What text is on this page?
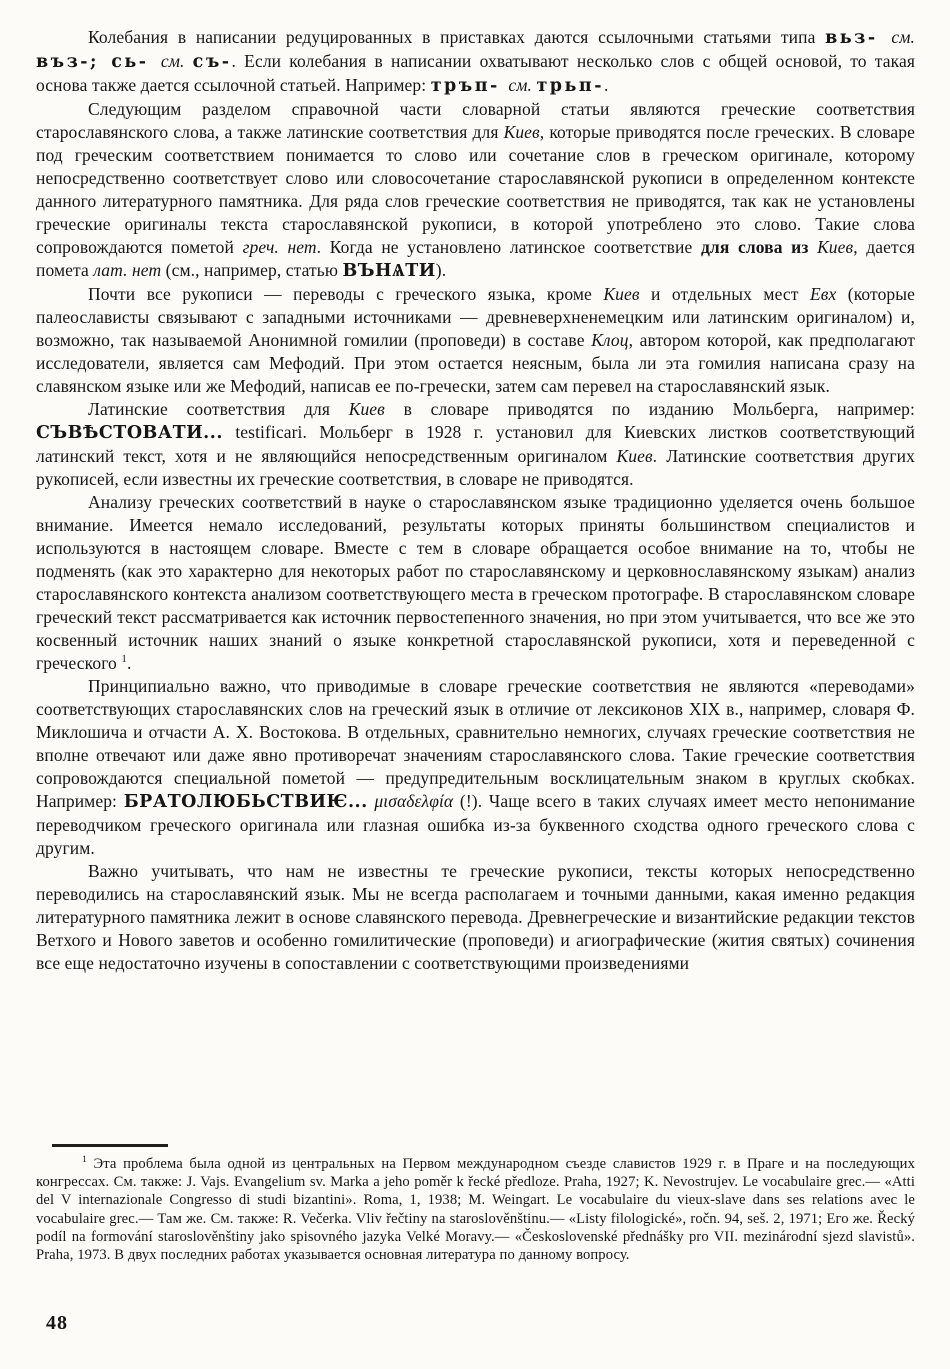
Колебания в написании редуцированных в приставках даются ссылочными статьями типа вьз- см. въз-; сь- см. съ-. Если колебания в написании охватывают несколько слов с общей основой, то такая основа также дается ссылочной статьей. Например: тръп- см. трьп-.

Следующим разделом справочной части словарной статьи являются греческие соответствия старославянского слова, а также латинские соответствия для Киев, которые приводятся после греческих. В словаре под греческим соответствием понимается то слово или сочетание слов в греческом оригинале, которому непосредственно соответствует слово или словосочетание старославянской рукописи в определенном контексте данного литературного памятника. Для ряда слов греческие соответствия не приводятся, так как не установлены греческие оригиналы текста старославянской рукописи, в которой употреблено это слово. Такие слова сопровождаются пометой греч. нет. Когда не установлено латинское соответствие для слова из Киев, дается помета лат. нет (см., например, статью ВЪНѦТИ).

Почти все рукописи — переводы с греческого языка, кроме Киев и отдельных мест Евх (которые палеослависты связывают с западными источниками — древневерхненемецким или латинским оригиналом) и, возможно, так называемой Анонимной гомилии (проповеди) в составе Клоц, автором которой, как предполагают исследователи, является сам Мефодий. При этом остается неясным, была ли эта гомилия написана сразу на славянском языке или же Мефодий, написав ее по-гречески, затем сам перевел на старославянский язык.

Латинские соответствия для Киев в словаре приводятся по изданию Мольберга, например: СЪВѢСТОВАТИ... testificari. Мольберг в 1928 г. установил для Киевских листков соответствующий латинский текст, хотя и не являющийся непосредственным оригиналом Киев. Латинские соответствия других рукописей, если известны их греческие соответствия, в словаре не приводятся.

Анализу греческих соответствий в науке о старославянском языке традиционно уделяется очень большое внимание. Имеется немало исследований, результаты которых приняты большинством специалистов и используются в настоящем словаре. Вместе с тем в словаре обращается особое внимание на то, чтобы не подменять (как это характерно для некоторых работ по старославянскому и церковнославянскому языкам) анализ старославянского контекста анализом соответствующего места в греческом протографе. В старославянском словаре греческий текст рассматривается как источник первостепенного значения, но при этом учитывается, что все же это косвенный источник наших знаний о языке конкретной старославянской рукописи, хотя и переведенной с греческого $^1$.

Принципиально важно, что приводимые в словаре греческие соответствия не являются «переводами» соответствующих старославянских слов на греческий язык в отличие от лексиконов XIX в., например, словаря Ф. Миклошича и отчасти А. Х. Востокова. В отдельных, сравнительно немногих, случаях греческие соответствия не вполне отвечают или даже явно противоречат значениям старославянского слова. Такие греческие соответствия сопровождаются специальной пометой — предупредительным восклицательным знаком в круглых скобках. Например: БРАТОЛЮБЬСТВИѤ... μισαδελφία (!). Чаще всего в таких случаях имеет место непонимание переводчиком греческого оригинала или глазная ошибка из-за буквенного сходства одного греческого слова с другим.

Важно учитывать, что нам не известны те греческие рукописи, тексты которых непосредственно переводились на старославянский язык. Мы не всегда располагаем и точными данными, какая именно редакция литературного памятника лежит в основе славянского перевода. Древнегреческие и византийские редакции текстов Ветхого и Нового заветов и особенно гомилитические (проповеди) и агиографические (жития святых) сочинения все еще недостаточно изучены в сопоставлении с соответствующими произведениями

$^1$ Эта проблема была одной из центральных на Первом международном съезде славистов 1929 г. в Праге и на последующих конгрессах. См. также: J. Vajs. Evangelium sv. Marka a jeho poměr k řecké předloze. Praha, 1927; K. Nevostrujev. Le vocabulaire grec.— «Atti del V internazionale Congresso di studi bizantini». Roma, 1, 1938; M. Weingart. Le vocabulaire du vieux-slave dans ses relations avec le vocabulaire grec.— Там же. См. также: R. Večerka. Vliv řečtiny na staroslověnštinu.— «Listy filologické», ročn. 94, seš. 2, 1971; Его же. Řecký podíl na formování staroslověnštiny jako spisovného jazyka Velké Moravy.— «Československé přednášky pro VII. mezinárodní sjezd slavistů». Praha, 1973. В двух последних работах указывается основная литература по данному вопросу.
48
